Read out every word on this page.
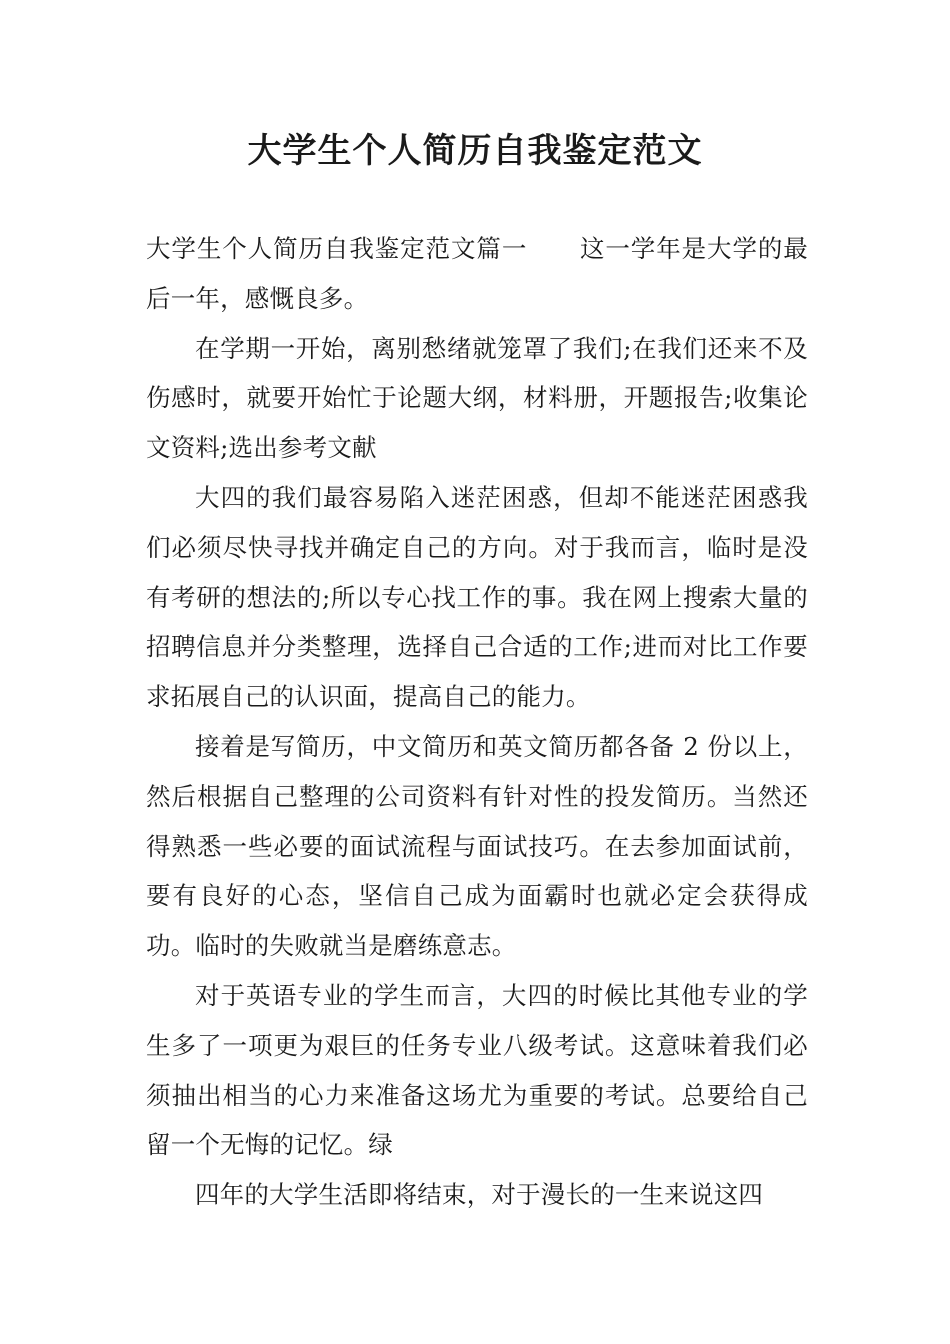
大学生个人简历自我鉴定范文

大学生个人简历自我鉴定范文篇一 这一学年是大学的最后一年，感慨良多。

在学期一开始，离别愁绪就笼罩了我们;在我们还来不及伤感时，就要开始忙于论题大纲，材料册，开题报告;收集论文资料;选出参考文献

大四的我们最容易陷入迷茫困惑，但却不能迷茫困惑我们必须尽快寻找并确定自己的方向。对于我而言，临时是没有考研的想法的;所以专心找工作的事。我在网上搜索大量的招聘信息并分类整理，选择自己合适的工作;进而对比工作要求拓展自己的认识面，提高自己的能力。

接着是写简历，中文简历和英文简历都各备 2 份以上，然后根据自己整理的公司资料有针对性的投发简历。当然还得熟悉一些必要的面试流程与面试技巧。在去参加面试前，要有良好的心态，坚信自己成为面霸时也就必定会获得成功。临时的失败就当是磨练意志。

对于英语专业的学生而言，大四的时候比其他专业的学生多了一项更为艰巨的任务专业八级考试。这意味着我们必须抽出相当的心力来准备这场尤为重要的考试。总要给自己留一个无悔的记忆。绿

四年的大学生活即将结束，对于漫长的一生来说这四
